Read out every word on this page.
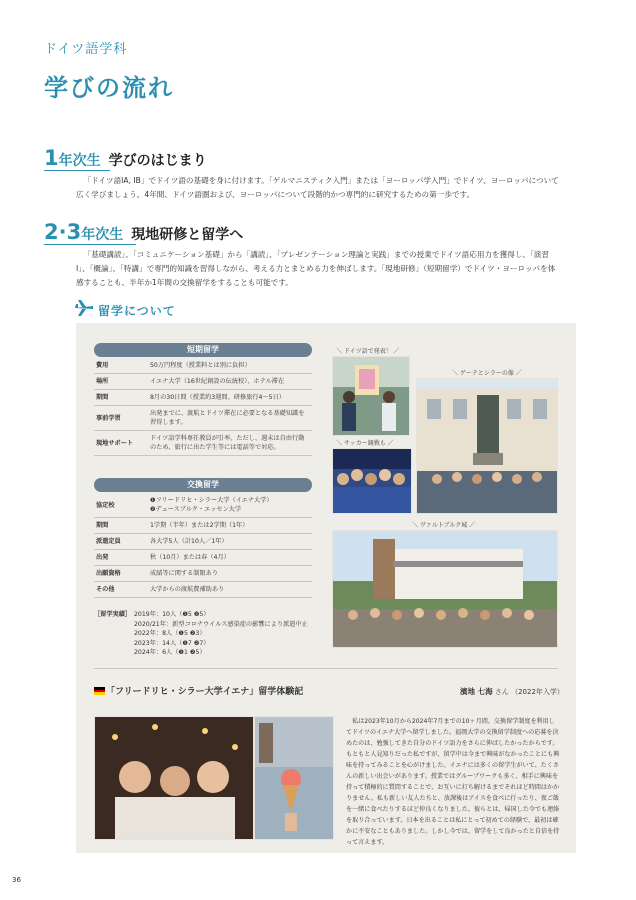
ドイツ語学科
学びの流れ
1年次生 学びのはじまり
「ドイツ語IA, IB」でドイツ語の基礎を身に付けます。「ゲルマニスティク入門」または「ヨーロッパ学入門」でドイツ、ヨーロッパについて広く学びましょう。4年間、ドイツ語圏および、ヨーロッパについて段階的かつ専門的に研究するための第一歩です。
2·3年次生 現地研修と留学へ
「基礎講読」、「コミュニケーション基礎」から「講読」、「プレゼンテーション理論と実践」までの授業でドイツ語応用力を獲得し、「演習I」、「概論」、「特講」で専門的知識を習得しながら、考える力とまとめる力を伸ばします。「現地研修」（短期留学）でドイツ・ヨーロッパを体感することも、半年か1年間の交換留学をすることも可能です。
留学について
短期留学
費用	50万円程度（授業料とは別に負担）
場所	イエナ大学（16世紀創設の伝統校）、ホテル滞在
期間	8月の30日間（授業約3週間、研修旅行4〜5日）
事前学習	出発までに、渡航とドイツ滞在に必要となる基礎知識を習得します。
現地サポート	ドイツ語学科専任教員が引率。ただし、週末は自由行動のため、旅行に出た学生等には電話等で対応。
交換留学
協定校	❶フリードリヒ・シラー大学（イエナ大学）
❷デュースブルク・エッセン大学

期間	1学期（半年）または2学期（1年）
派遣定員	各大学5人（計10人／1年）
出発	秋（10月）または春（4月）
出願資格	成績等に関する制限あり
その他	大学からの渡航費補助あり
［留学実績］ 2019年：10人（❶5 ❷5）
2020/21年：新型コロナウイルス感染症の影響により派遣中止
2022年：8人（❶5 ❷3）
2023年：14人（❶7 ❷7）
2024年：6人（❶1 ❷5）
＼ ドイツ語で発表！ ／
＼ サッカー観戦も ／
＼ ゲーテとシラーの像 ／
＼ ヴァルトブルク城 ／
「フリードリヒ・シラー大学イエナ」留学体験記	濱地 七海 さん （2022年入学）
私は2023年10月から2024年7月までの10ヶ月間、交換留学制度を利用してドイツのイエナ大学へ留学しました。福岡大学の交換留学制度への応募を決めたのは、勉強してきた自分のドイツ語力をさらに伸ばしたかったからです。もともと人見知りだった私ですが、留学中は今まで興味がなかったことにも興味を持ってみることを心がけました。イエナには多くの留学生がいて、たくさんの新しい出会いがあります。授業ではグループワークも多く、相手に興味を持って積極的に質問することで、お互いに打ち解けるまでそれほど時間はかかりません。私も新しい友人たちと、放課後はアイスを食べに行ったり、夜ご飯を一緒に食べたりするほど仲良くなりました。彼らとは、帰国した今でも連絡を取り合っています。日本を出ることは私にとって初めての経験で、最初は確かに不安なこともありました。しかし今では、留学をして良かったと自信を持って言えます。
36
